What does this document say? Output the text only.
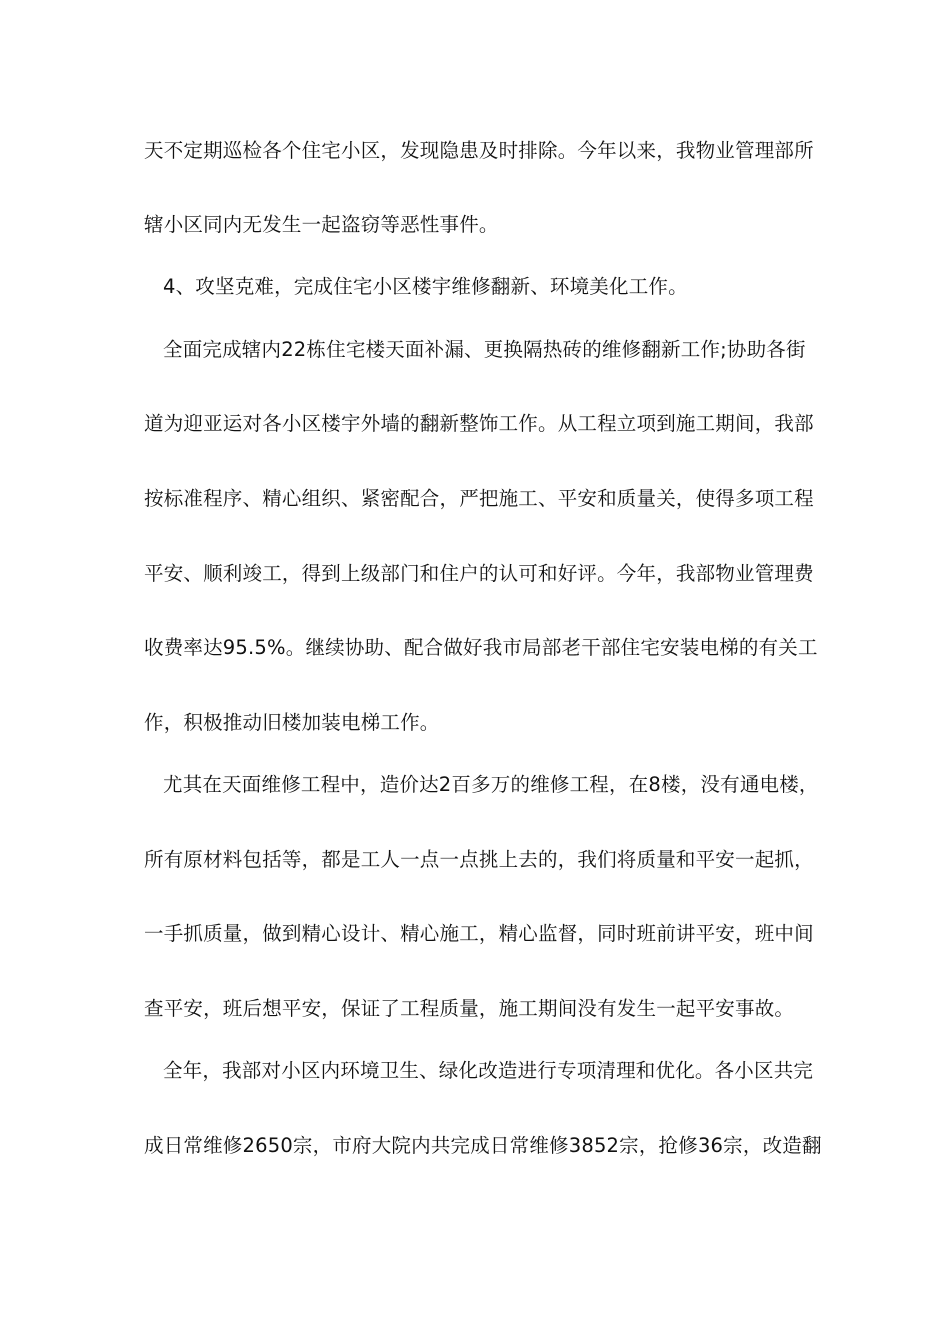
天不定期巡检各个住宅小区，发现隐患及时排除。今年以来，我物业管理部所
辖小区同内无发生一起盗窃等恶性事件。
4、攻坚克难，完成住宅小区楼宇维修翻新、环境美化工作。
全面完成辖内22栋住宅楼天面补漏、更换隔热砖的维修翻新工作;协助各街
道为迎亚运对各小区楼宇外墙的翻新整饰工作。从工程立项到施工期间，我部
按标准程序、精心组织、紧密配合，严把施工、平安和质量关，使得多项工程
平安、顺利竣工，得到上级部门和住户的认可和好评。今年，我部物业管理费
收费率达95.5%。继续协助、配合做好我市局部老干部住宅安装电梯的有关工
作，积极推动旧楼加装电梯工作。
尤其在天面维修工程中，造价达2百多万的维修工程，在8楼，没有通电楼，
所有原材料包括等，都是工人一点一点挑上去的，我们将质量和平安一起抓，
一手抓质量，做到精心设计、精心施工，精心监督，同时班前讲平安，班中间
查平安，班后想平安，保证了工程质量，施工期间没有发生一起平安事故。
全年，我部对小区内环境卫生、绿化改造进行专项清理和优化。各小区共完
成日常维修2650宗，市府大院内共完成日常维修3852宗，抢修36宗，改造翻
